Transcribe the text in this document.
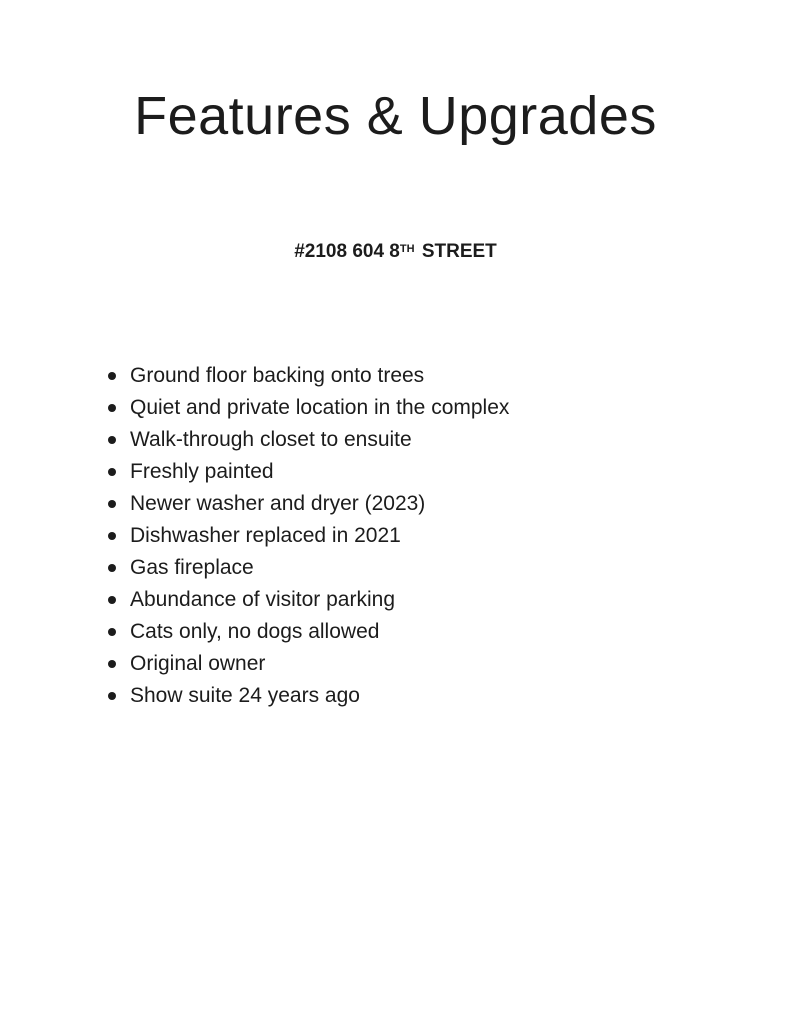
Features & Upgrades
#2108 604 8TH STREET
Ground floor backing onto trees
Quiet and private location in the complex
Walk-through closet to ensuite
Freshly painted
Newer washer and dryer (2023)
Dishwasher replaced in 2021
Gas fireplace
Abundance of visitor parking
Cats only, no dogs allowed
Original owner
Show suite 24 years ago
